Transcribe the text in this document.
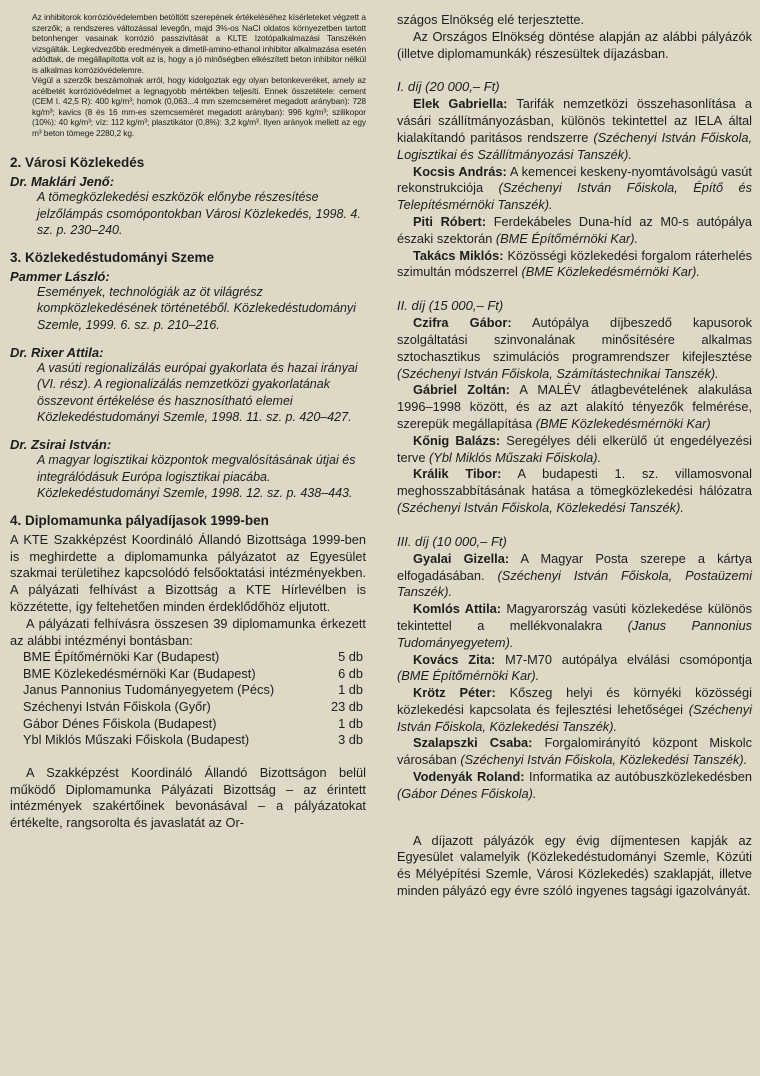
Az inhibitorok korrózióvédelemben betöltött szerepének értékeléséhez kísérleteket végzett a szerzők; a rendszeres változással levegőn, majd 3%-os NaCl oldatos környezetben tartott betonhenger vasainak korrózió passzivitását a KLTE Izotópalkalmazási Tanszékén vizsgálták. Legkedvezőbb eredmények a dimetil-amino-ethanol inhibitor alkalmazása esetén adódtak, de megállapította volt az is, hogy a jó minőségben elkészített beton inhibitor nélkül is alkalmas korrózióvédelemre.

Végül a szerzők beszámolnak arról, hogy kidolgoztak egy olyan betonkeveréket, amely az acélbetét korrózióvédelmet a legnagyobb mértékben teljesíti. Ennek összetétele: cement (CEM I. 42,5 R): 400 kg/m³; homok (0,063...4 mm szemcseméret megadott arányban): 728 kg/m³; kavics (8 és 16 mm-es szemcseméret megadott arányban): 996 kg/m³; szilikopor (10%): 40 kg/m³; víz: 112 kg/m³; plasztikátor (0,8%): 3,2 kg/m³. Ilyen arányok mellett az egy m³ beton tömege 2280,2 kg.

2. Városi Közlekedés
Dr. Maklári Jenő:
A tömegközlekedési eszközök előnybe részesítése jelzőlámpás csomópontokban Városi Közlekedés, 1998. 4. sz. p. 230–240.
3. Közlekedéstudományi Szeme
Pammer László:
Események, technológiák az öt világrész kompközlekedésének történetéből. Közlekedéstudományi Szemle, 1999. 6. sz. p. 210–216.
Dr. Rixer Attila:
A vasúti regionalizálás európai gyakorlata és hazai irányai (VI. rész). A regionalizálás nemzetközi gyakorlatának összevont értékelése és hasznosítható elemei Közlekedéstudományi Szemle, 1998. 11. sz. p. 420–427.
Dr. Zsirai István:
A magyar logisztikai központok megvalósításának útjai és integrálódásuk Európa logisztikai piacába. Közlekedéstudományi Szemle, 1998. 12. sz. p. 438–443.
4. Diplomamunka pályadíjasok 1999-ben

A KTE Szakképzést Koordináló Állandó Bizottsága 1999-ben is meghirdette a diplomamunka pályázatot az Egyesület szakmai területihez kapcsolódó felsőoktatási intézményekben. A pályázati felhívást a Bizottság a KTE Hírlevélben is közzétette, így feltehetően minden érdeklődőhöz eljutott.

A pályázati felhívásra összesen 39 diplomamunka érkezett az alábbi intézményi bontásban:

BME Építőmérnöki Kar (Budapest)	5 db
BME Közlekedésmérnöki Kar (Budapest)	6 db
Janus Pannonius Tudományegyetem (Pécs)	1 db
Széchenyi István Főiskola (Győr)	23 db
Gábor Dénes Főiskola (Budapest)	1 db
Ybl Miklós Műszaki Főiskola (Budapest)	3 db

A Szakképzést Koordináló Állandó Bizottságon belül működő Diplomamunka Pályázati Bizottság – az érintett intézmények szakértőinek bevonásával – a pályázatokat értékelte, rangsorolta és javaslatát az Or-

szágos Elnökség elé terjesztette.

Az Országos Elnökség döntése alapján az alábbi pályázók (illetve diplomamunkák) részesültek díjazásban.

I. díj (20 000,– Ft)

Elek Gabriella: Tarifák nemzetközi összehasonlítása a vásári szállítmányozásban, különös tekintettel az IELA által kialakítandó paritásos rendszerre (Széchenyi István Főiskola, Logisztikai és Szállítmányozási Tanszék).

Kocsis András: A kemencei keskeny-nyomtávolságú vasút rekonstrukciója (Széchenyi István Főiskola, Építő és Telepítésmérnöki Tanszék).

Piti Róbert: Ferdekábeles Duna-híd az M0-s autópálya északi szektorán (BME Építőmérnöki Kar).

Takács Miklós: Közösségi közlekedési forgalom ráterhelés szimultán módszerrel (BME Közlekedésmérnöki Kar).

II. díj (15 000,– Ft)

Czifra Gábor: Autópálya díjbeszedő kapusorok szolgáltatási szinvonalának minősítésére alkalmas sztochasztikus szimulációs programrendszer kifejlesztése (Széchenyi István Főiskola, Számítástechnikai Tanszék).

Gábriel Zoltán: A MALÉV átlagbevételének alakulása 1996–1998 között, és az azt alakító tényezők felmérése, szerepük megállapítása (BME Közlekedésmérnöki Kar)

Kőnig Balázs: Seregélyes déli elkerülő út engedélyezési terve (Ybl Miklós Műszaki Főiskola).

Králik Tibor: A budapesti 1. sz. villamosvonal meghosszabbításának hatása a tömegközlekedési hálózatra (Széchenyi István Főiskola, Közlekedési Tanszék).

III. díj (10 000,– Ft)

Gyalai Gizella: A Magyar Posta szerepe a kártya elfogadásában. (Széchenyi István Főiskola, Postaüzemi Tanszék).

Komlós Attila: Magyarország vasúti közlekedése különös tekintettel a mellékvonalakra (Janus Pannonius Tudományegyetem).

Kovács Zita: M7-M70 autópálya elválási csomópontja (BME Építőmérnöki Kar).

Krötz Péter: Kőszeg helyi és környéki közösségi közlekedési kapcsolata és fejlesztési lehetőségei (Széchenyi István Főiskola, Közlekedési Tanszék).

Szalapszki Csaba: Forgalomirányító központ Miskolc városában (Széchenyi István Főiskola, Közlekedési Tanszék).

Vodenyák Roland: Informatika az autóbuszközlekedésben (Gábor Dénes Főiskola).

A díjazott pályázók egy évig díjmentesen kapják az Egyesület valamelyik (Közlekedéstudományi Szemle, Közúti és Mélyépítési Szemle, Városi Közlekedés) szaklapját, illetve minden pályázó egy évre szóló ingyenes tagsági igazolványát.
